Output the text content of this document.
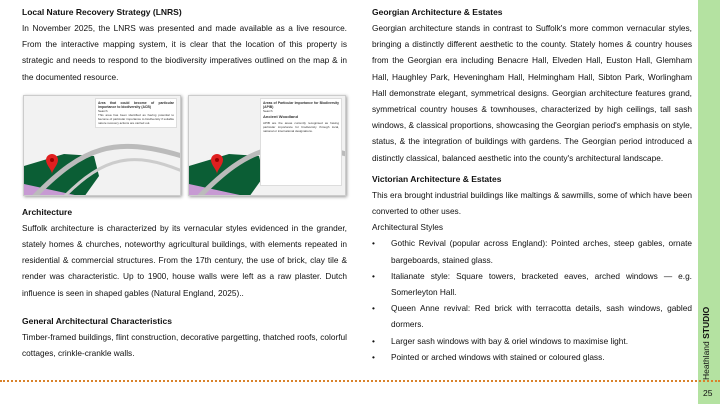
Local Nature Recovery Strategy (LNRS)

In November 2025, the LNRS was presented and made available as a live resource. From the interactive mapping system, it is clear that the location of this property is strategic and needs to respond to the biodiversity imperatives outlined on the map & in the documented resource.

Area that could become of particular importance to biodiversity (ACB)
Search
This area has been identified as having potential to become of particular importance to biodiversity if suitable nature recovery actions are carried out.
Areas of Particular Importance for Biodiversity (APIB)
Search
Ancient Woodland
APIB are the areas currently recognised as having particular importance for biodiversity through local, national or international designations.
Architecture

Suffolk architecture is characterized by its vernacular styles evidenced in the grander, stately homes & churches, noteworthy agricultural buildings, with elements repeated in residential & commercial structures. From the 17th century, the use of brick, clay tile & render was characteristic. Up to 1900, house walls were left as a raw plaster. Dutch influence is seen in shaped gables (Natural England, 2025)..

General Architectural Characteristics

Timber-framed buildings, flint construction, decorative pargetting, thatched roofs, colorful cottages, crinkle-crankle walls.

Georgian Architecture & Estates

Georgian architecture stands in contrast to Suffolk's more common vernacular styles, bringing a distinctly different aesthetic to the county. Stately homes & country houses from the Georgian era including Benacre Hall, Elveden Hall, Euston Hall, Glemham Hall, Haughley Park, Heveningham Hall, Helmingham Hall, Sibton Park, Worlingham Hall demonstrate elegant, symmetrical designs. Georgian architecture features grand, symmetrical country houses & townhouses, characterized by high ceilings, tall sash windows, & classical proportions, showcasing the Georgian period's emphasis on style, status, & the integration of buildings with gardens. The Georgian period introduced a distinctly classical, balanced aesthetic into the county's architectural landscape.

Victorian Architecture & Estates

This era brought industrial buildings like maltings & sawmills, some of which have been converted to other uses.

Architectural Styles

• Gothic Revival (popular across England): Pointed arches, steep gables, ornate bargeboards, stained glass.
• Italianate style: Square towers, bracketed eaves, arched windows — e.g. Somerleyton Hall.
• Queen Anne revival: Red brick with terracotta details, sash windows, gabled dormers.
• Larger sash windows with bay & oriel windows to maximise light.
• Pointed or arched windows with stained or coloured glass.	Heathland STUDIO
25
